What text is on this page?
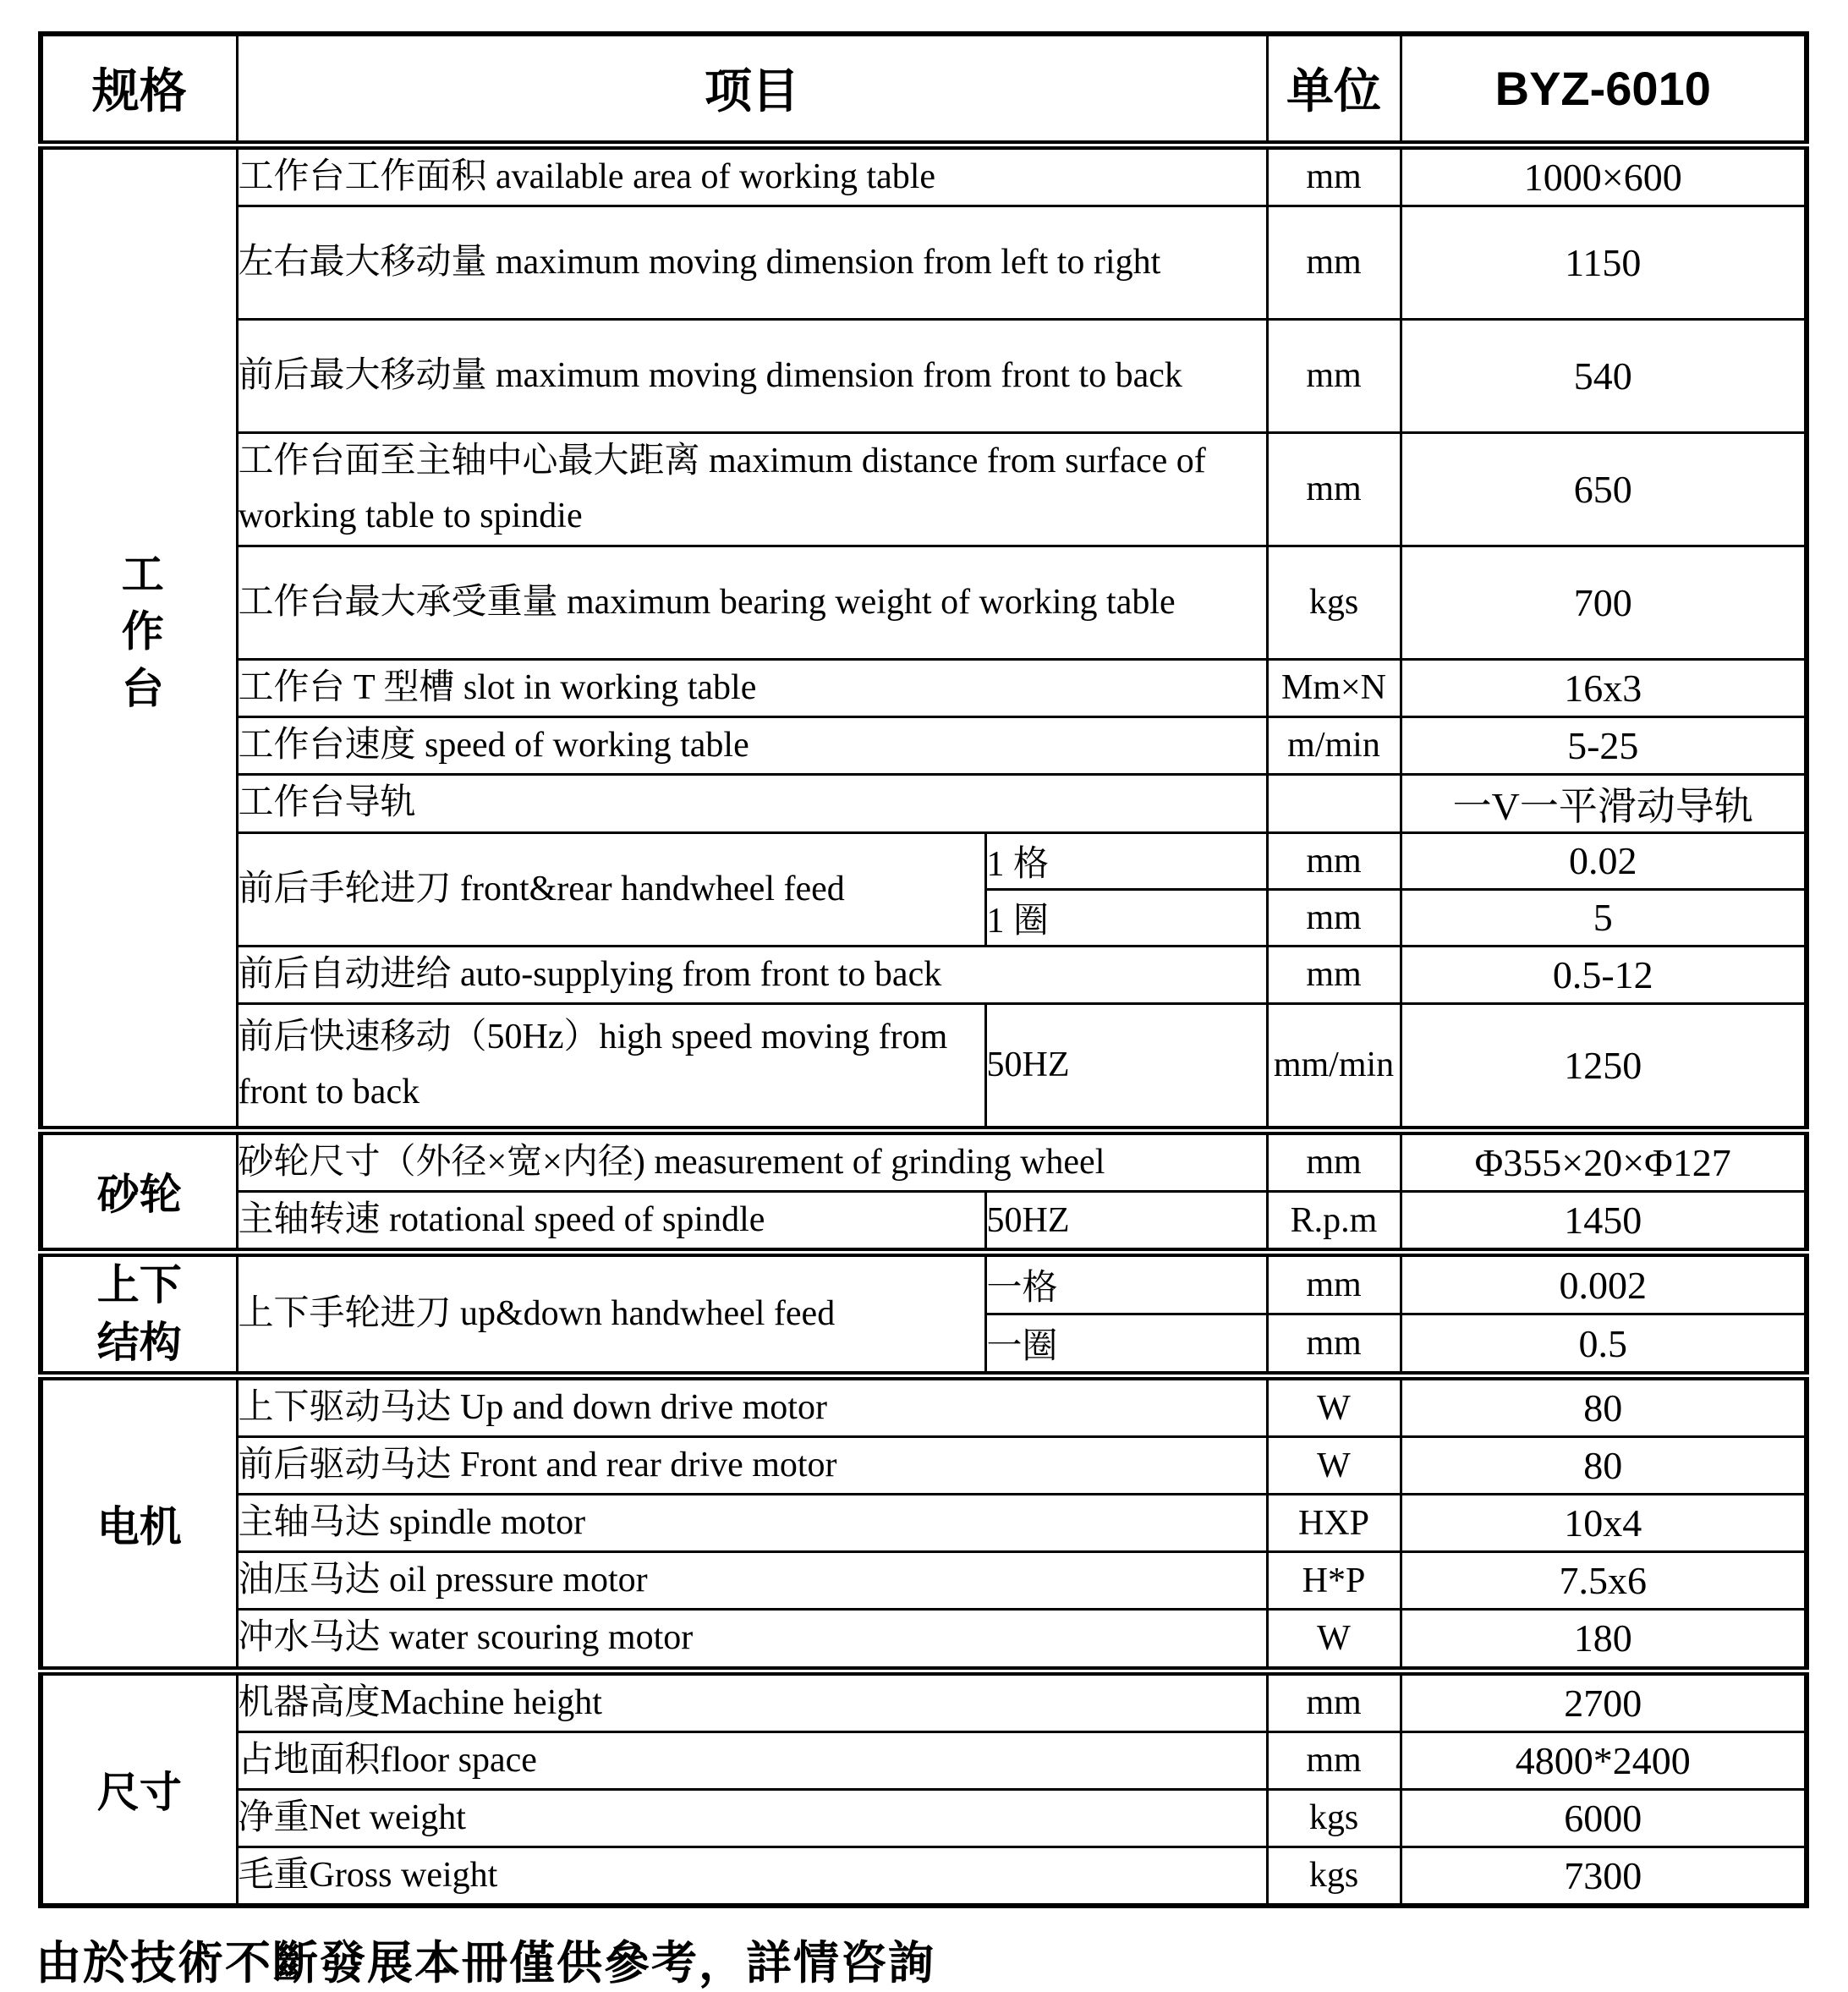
规格	项目		单位	BYZ-6010

工作台	工作台工作面积 available area of working table		mm	1000×600
	左右最大移动量 maximum moving dimension from left to right		mm	1150
	前后最大移动量 maximum moving dimension from front to back		mm	540
	工作台面至主轴中心最大距离 maximum distance from surface of working table to spindie		mm	650
	工作台最大承受重量 maximum bearing weight of working table		kgs	700
	工作台 T 型槽 slot in working table		Mm×N	16x3
	工作台速度 speed of working table		m/min	5-25
	工作台导轨			一V一平滑动导轨
	前后手轮进刀 front&rear handwheel feed	1 格	mm	0.02
		1 圈	mm	5
	前后自动进给 auto-supplying from front to back		mm	0.5-12
	前后快速移动（50Hz）high speed moving from front to back	50HZ	mm/min	1250

砂轮	砂轮尺寸（外径×宽×内径) measurement of grinding wheel		mm	Φ355×20×Φ127
	主轴转速 rotational speed of spindle	50HZ	R.p.m	1450

上下结构	上下手轮进刀 up&down handwheel feed	一格	mm	0.002
		一圈	mm	0.5

电机	上下驱动马达 Up and down drive motor		W	80
	前后驱动马达 Front and rear drive motor		W	80
	主轴马达 spindle motor		HXP	10x4
	油压马达 oil pressure motor		H*P	7.5x6
	冲水马达 water scouring motor		W	180

尺寸	机器高度Machine height		mm	2700
	占地面积floor space		mm	4800*2400
	净重Net weight		kgs	6000
	毛重Gross weight		kgs	7300
由於技術不斷發展本冊僅供參考，詳情咨詢
